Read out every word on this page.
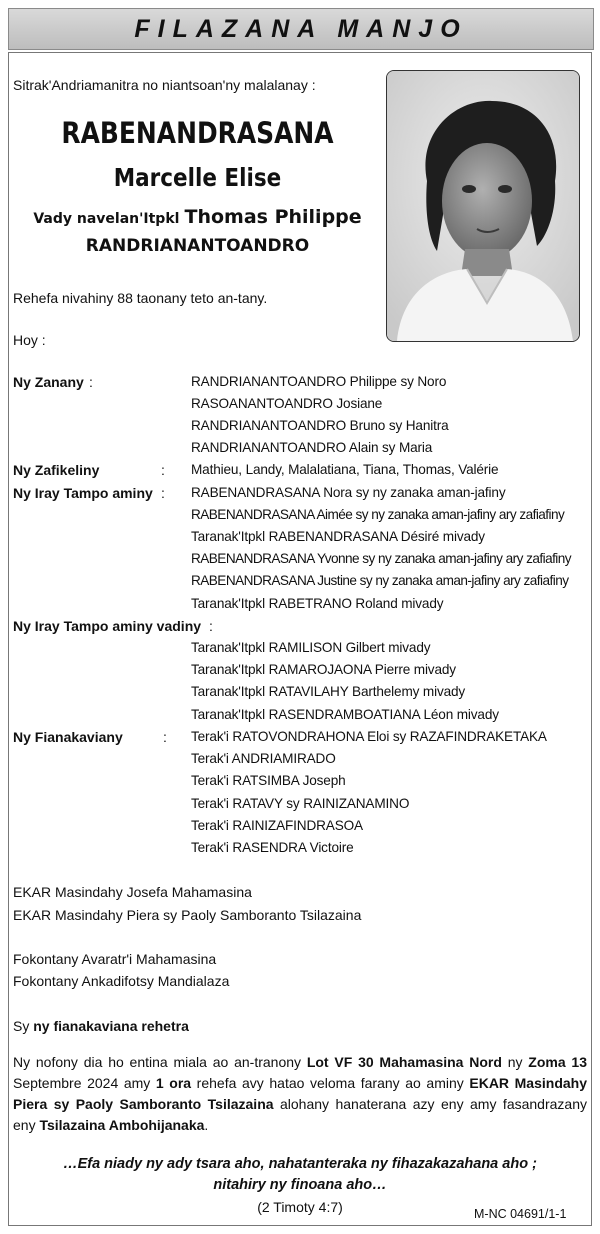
FILAZANA MANJO
Sitrak'Andriamanitra no niantsoan'ny malalanay :
RABENANDRASANA
Marcelle Elise
Vady navelan'Itpkl Thomas Philippe
RANDRIANANTOANDRO
Rehefa nivahiny 88 taonany teto an-tany.
Hoy :
Ny Zanany :	RANDRIANANTOANDRO Philippe sy Noro
RASOANANTOANDRO Josiane
RANDRIANANTOANDRO Bruno sy Hanitra
RANDRIANANTOANDRO Alain sy Maria
Ny Zafikeliny	: Mathieu, Landy, Malalatiana, Tiana, Thomas, Valérie
Ny Iray Tampo aminy : RABENANDRASANA Nora sy ny zanaka aman-jafiny
RABENANDRASANA Aimée sy ny zanaka aman-jafiny ary zafiafiny
Taranak'Itpkl RABENANDRASANA Désiré mivady
RABENANDRASANA Yvonne sy ny zanaka aman-jafiny ary zafiafiny
RABENANDRASANA Justine sy ny zanaka aman-jafiny ary zafiafiny
Taranak'Itpkl RABETRANO Roland mivady
Ny Iray Tampo aminy vadiny :
Taranak'Itpkl RAMILISON Gilbert mivady
Taranak'Itpkl RAMAROJAONA Pierre mivady
Taranak'Itpkl RATAVILAHY Barthelemy mivady
Taranak'Itpkl RASENDRAMBOATIANA Léon mivady
Ny Fianakaviany	: Terak'i RATOVONDRAHONA Eloi sy RAZAFINDRAKETAKA
Terak'i ANDRIAMIRADO
Terak'i RATSIMBA Joseph
Terak'i RATAVY sy RAINIZANAMINO
Terak'i RAINIZAFINDRASOA
Terak'i RASENDRA Victoire
EKAR Masindahy Josefa Mahamasina
EKAR Masindahy Piera sy Paoly Samboranto Tsilazaina
Fokontany Avaratr'i Mahamasina
Fokontany Ankadifotsy Mandialaza
Sy ny fianakaviana rehetra
Ny nofony dia ho entina miala ao an-tranony Lot VF 30 Mahamasina Nord ny Zoma 13 Septembre 2024 amy 1 ora rehefa avy hatao veloma farany ao aminy EKAR Masindahy Piera sy Paoly Samboranto Tsilazaina alohany hanaterana azy eny amy fasandrazany eny Tsilazaina Ambohijanaka.
…Efa niady ny ady tsara aho, nahatanteraka ny fihazakazahana aho ;
nitahiry ny finoana aho…
(2 Timoty 4:7)	M-NC 04691/1-1
